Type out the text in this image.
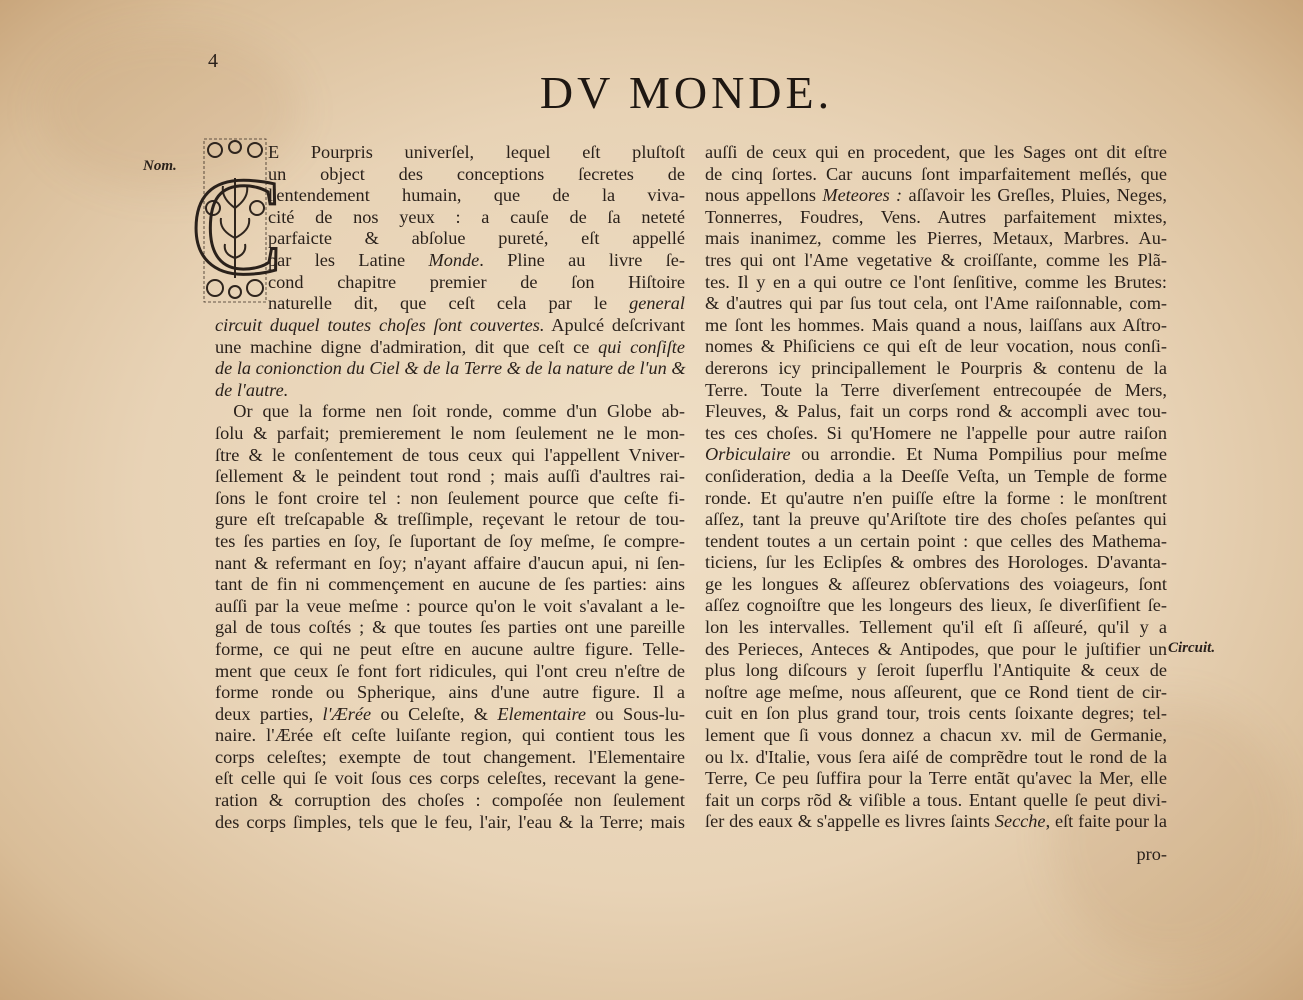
4
DV MONDE.
Nom.
Circuit.
C
E Pourpris univerſel, lequel eſt pluſtoſt
un object des conceptions ſecretes de
l'entendement humain, que de la viva-
cité de nos yeux : a cauſe de ſa neteté
parfaicte & abſolue pureté, eſt appellé
par les Latine Monde. Pline au livre ſe-
cond chapitre premier de ſon Hiſtoire
naturelle dit, que ceſt cela par le general
circuit duquel toutes choſes ſont couvertes. Apulcé deſcrivant
une machine digne d'admiration, dit que ceſt ce qui conſiſte
de la conionction du Ciel & de la Terre & de la nature de l'un &
de l'autre.
 Or que la forme nen ſoit ronde, comme d'un Globe ab-
ſolu & parfait; premierement le nom ſeulement ne le mon-
ſtre & le conſentement de tous ceux qui l'appellent Vniver-
ſellement & le peindent tout rond ; mais auſſi d'aultres rai-
ſons le font croire tel : non ſeulement pource que ceſte fi-
gure eſt treſcapable & treſſimple, reçevant le retour de tou-
tes ſes parties en ſoy, ſe ſuportant de ſoy meſme, ſe compre-
nant & refermant en ſoy; n'ayant affaire d'aucun apui, ni ſen-
tant de fin ni commençement en aucune de ſes parties: ains
auſſi par la veue meſme : pource qu'on le voit s'avalant a le-
gal de tous coſtés ; & que toutes ſes parties ont une pareille
forme, ce qui ne peut eſtre en aucune aultre figure. Telle-
ment que ceux ſe font fort ridicules, qui l'ont creu n'eſtre de
forme ronde ou Spherique, ains d'une autre figure. Il a
deux parties, l'Ærée ou Celeſte, & Elementaire ou Sous-lu-
naire. l'Ærée eſt ceſte luiſante region, qui contient tous les
corps celeſtes; exempte de tout changement. l'Elementaire
eſt celle qui ſe voit ſous ces corps celeſtes, recevant la gene-
ration & corruption des choſes : compoſée non ſeulement
des corps ſimples, tels que le feu, l'air, l'eau & la Terre; mais
auſſi de ceux qui en procedent, que les Sages ont dit eſtre
de cinq ſortes. Car aucuns ſont imparfaitement meſlés, que
nous appellons Meteores : aſſavoir les Greſles, Pluies, Neges,
Tonnerres, Foudres, Vens. Autres parfaitement mixtes,
mais inanimez, comme les Pierres, Metaux, Marbres. Au-
tres qui ont l'Ame vegetative & croiſſante, comme les Plã-
tes. Il y en a qui outre ce l'ont ſenſitive, comme les Brutes:
& d'autres qui par ſus tout cela, ont l'Ame raiſonnable, com-
me ſont les hommes. Mais quand a nous, laiſſans aux Aſtro-
nomes & Phiſiciens ce qui eſt de leur vocation, nous conſi-
dererons icy principallement le Pourpris & contenu de la
Terre. Toute la Terre diverſement entrecoupée de Mers,
Fleuves, & Palus, fait un corps rond & accompli avec tou-
tes ces choſes. Si qu'Homere ne l'appelle pour autre raiſon
Orbiculaire ou arrondie. Et Numa Pompilius pour meſme
conſideration, dedia a la Deeſſe Veſta, un Temple de forme
ronde. Et qu'autre n'en puiſſe eſtre la forme : le monſtrent
aſſez, tant la preuve qu'Ariſtote tire des choſes peſantes qui
tendent toutes a un certain point : que celles des Mathema-
ticiens, ſur les Eclipſes & ombres des Horologes. D'avanta-
ge les longues & aſſeurez obſervations des voiageurs, ſont
aſſez cognoiſtre que les longeurs des lieux, ſe diverſifient ſe-
lon les intervalles. Tellement qu'il eſt ſi aſſeuré, qu'il y a
des Perieces, Anteces & Antipodes, que pour le juſtifier un
plus long diſcours y ſeroit ſuperflu l'Antiquite & ceux de
noſtre age meſme, nous aſſeurent, que ce Rond tient de cir-
cuit en ſon plus grand tour, trois cents ſoixante degres; tel-
lement que ſi vous donnez a chacun xv. mil de Germanie,
ou lx. d'Italie, vous ſera aiſé de comprẽdre tout le rond de la
Terre, Ce peu ſuffira pour la Terre entãt qu'avec la Mer, elle
fait un corps rõd & viſible a tous. Entant quelle ſe peut divi-
ſer des eaux & s'appelle es livres ſaints Secche, eſt faite pour la
pro-
